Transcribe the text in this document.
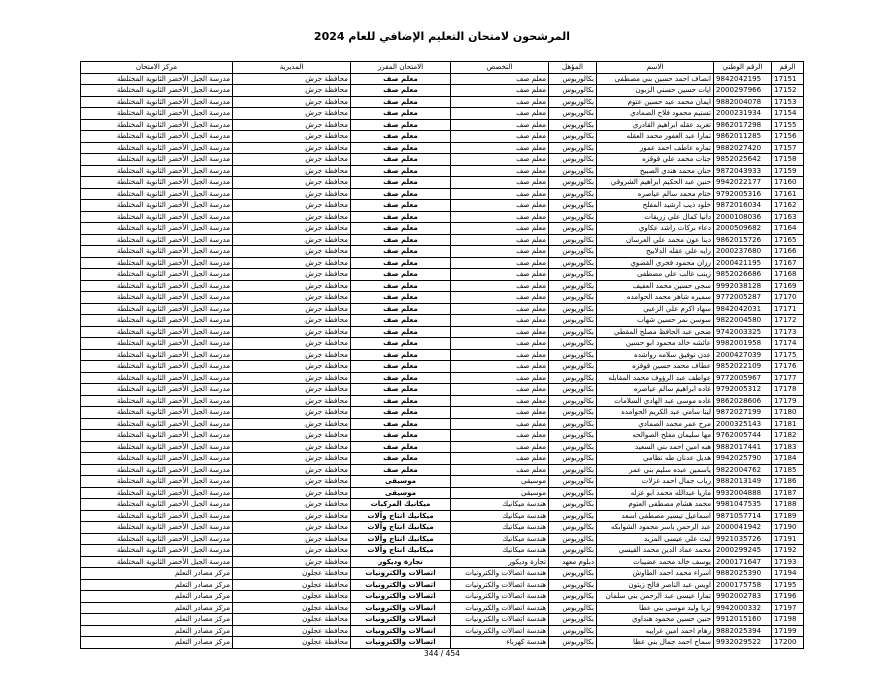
المرشحون لامتحان التعليم الإضافي للعام 2024
الرقم	الرقم الوطني	الاسم	المؤهل	التخصص	الامتحان المقرر	المديرية	مركز الامتحان
17151	9842042195	انصاف احمد حسين بني مصطفى	بكالوريوس	معلم صف	معلم صف	محافظة جرش	مدرسة الجبل الأخضر الثانوية المختلطة
17152	2000297966	ايات حسين حسني الزبون	بكالوريوس	معلم صف	معلم صف	محافظة جرش	مدرسة الجبل الأخضر الثانوية المختلطة
17153	9882004078	ايمان محمد عيد حسين عتوم	بكالوريوس	معلم صف	معلم صف	محافظة جرش	مدرسة الجبل الأخضر الثانوية المختلطة
17154	2000231934	تسنيم محمود فلاح الصمادي	بكالوريوس	معلم صف	معلم صف	محافظة جرش	مدرسة الجبل الأخضر الثانوية المختلطة
17155	9862017298	تغريد عقله ابراهيم القادري	بكالوريوس	معلم صف	معلم صف	محافظة جرش	مدرسة الجبل الأخضر الثانوية المختلطة
17156	9862011285	تمارا عبد الغفور محمد العقله	بكالوريوس	معلم صف	معلم صف	محافظة جرش	مدرسة الجبل الأخضر الثانوية المختلطة
17157	9882027420	تماره عاطف احمد عمور	بكالوريوس	معلم صف	معلم صف	محافظة جرش	مدرسة الجبل الأخضر الثانوية المختلطة
17158	9852025642	جنات محمد علي قوقزه	بكالوريوس	معلم صف	معلم صف	محافظة جرش	مدرسة الجبل الأخضر الثانوية المختلطة
17159	9872043933	حنان محمد هندي الصبيح	بكالوريوس	معلم صف	معلم صف	محافظة جرش	مدرسة الجبل الأخضر الثانوية المختلطة
17160	9942022177	حنين عبد الحكيم ابراهيم الشروقي	بكالوريوس	معلم صف	معلم صف	محافظة جرش	مدرسة الجبل الأخضر الثانوية المختلطة
17161	9792005316	ختام محمد سالم عياصره	بكالوريوس	معلم صف	معلم صف	محافظة جرش	مدرسة الجبل الأخضر الثانوية المختلطة
17162	9872016034	خلود ذيب ارشيد المفلح	بكالوريوس	معلم صف	معلم صف	محافظة جرش	مدرسة الجبل الأخضر الثانوية المختلطة
17163	2000108036	دانيا كمال علي زريقات	بكالوريوس	معلم صف	معلم صف	محافظة جرش	مدرسة الجبل الأخضر الثانوية المختلطة
17164	2000509682	دعاء بركات راشد عكاوي	بكالوريوس	معلم صف	معلم صف	محافظة جرش	مدرسة الجبل الأخضر الثانوية المختلطة
17165	9862015726	دينا عون محمد علي العرسان	بكالوريوس	معلم صف	معلم صف	محافظة جرش	مدرسة الجبل الأخضر الثانوية المختلطة
17166	2000237680	رايه علي عقله الدلابيح	بكالوريوس	معلم صف	معلم صف	محافظة جرش	مدرسة الجبل الأخضر الثانوية المختلطة
17167	2000421195	رزان محمود فخري القضوي	بكالوريوس	معلم صف	معلم صف	محافظة جرش	مدرسة الجبل الأخضر الثانوية المختلطة
17168	9852026686	زينب غالب علي مصطفى	بكالوريوس	معلم صف	معلم صف	محافظة جرش	مدرسة الجبل الأخضر الثانوية المختلطة
17169	9992038128	سجى حسين محمد العفيف	بكالوريوس	معلم صف	معلم صف	محافظة جرش	مدرسة الجبل الأخضر الثانوية المختلطة
17170	9772005287	سميره شاهر محمد الحوامده	بكالوريوس	معلم صف	معلم صف	محافظة جرش	مدرسة الجبل الأخضر الثانوية المختلطة
17171	9842042031	سهاد اكرم علي الزعبي	بكالوريوس	معلم صف	معلم صف	محافظة جرش	مدرسة الجبل الأخضر الثانوية المختلطة
17172	9822004580	سوسن نمر حسين شهاب	بكالوريوس	معلم صف	معلم صف	محافظة جرش	مدرسة الجبل الأخضر الثانوية المختلطة
17173	9742003325	ضحى عبد الحافظ مصلح المقطي	بكالوريوس	معلم صف	معلم صف	محافظة جرش	مدرسة الجبل الأخضر الثانوية المختلطة
17174	9982001958	عائشه خالد محمود ابو حسين	بكالوريوس	معلم صف	معلم صف	محافظة جرش	مدرسة الجبل الأخضر الثانوية المختلطة
17175	2000427039	عدن توفيق سلامه رواشده	بكالوريوس	معلم صف	معلم صف	محافظة جرش	مدرسة الجبل الأخضر الثانوية المختلطة
17176	9852022109	عطاف محمد حسين قوقزه	بكالوريوس	معلم صف	معلم صف	محافظة جرش	مدرسة الجبل الأخضر الثانوية المختلطة
17177	9772005967	عواطف عبد الرؤوف محمد المقابله	بكالوريوس	معلم صف	معلم صف	محافظة جرش	مدرسة الجبل الأخضر الثانوية المختلطة
17178	9792005312	غاده ابراهيم سالم عياصره	بكالوريوس	معلم صف	معلم صف	محافظة جرش	مدرسة الجبل الأخضر الثانوية المختلطة
17179	9862028606	غاده موسى عبد الهادي السلامات	بكالوريوس	معلم صف	معلم صف	محافظة جرش	مدرسة الجبل الأخضر الثانوية المختلطة
17180	9872027199	لينا سامي عبد الكريم الحوامده	بكالوريوس	معلم صف	معلم صف	محافظة جرش	مدرسة الجبل الأخضر الثانوية المختلطة
17181	2000325143	مرح عمر محمد الصمادي	بكالوريوس	معلم صف	معلم صف	محافظة جرش	مدرسة الجبل الأخضر الثانوية المختلطة
17182	9762005744	مها سليمان مفلح الصوالحه	بكالوريوس	معلم صف	معلم صف	محافظة جرش	مدرسة الجبل الأخضر الثانوية المختلطة
17183	9882017441	هبه امين احمد بني السعيد	بكالوريوس	معلم صف	معلم صف	محافظة جرش	مدرسة الجبل الأخضر الثانوية المختلطة
17184	9942025790	هديل عدنان طه نظامي	بكالوريوس	معلم صف	معلم صف	محافظة جرش	مدرسة الجبل الأخضر الثانوية المختلطة
17185	9822004762	ياسمين عبده سليم بني عمر	بكالوريوس	معلم صف	معلم صف	محافظة جرش	مدرسة الجبل الأخضر الثانوية المختلطة
17186	9882013149	رباب جمال احمد غزلات	بكالوريوس	موسيقى	موسيقى	محافظة جرش	مدرسة الجبل الأخضر الثانوية المختلطة
17187	9932004888	ماريا عبدالله محمد ابو غزله	بكالوريوس	موسيقى	موسيقى	محافظة جرش	مدرسة الجبل الأخضر الثانوية المختلطة
17188	9981047535	محمد هشام مصطفى العتوم	بكالوريوس	هندسة ميكانيك	ميكانيك المركبات	محافظة جرش	مدرسة الجبل الأخضر الثانوية المختلطة
17189	9871057714	اسماعيل تيسير مصطفى اسعد	بكالوريوس	هندسة ميكانيك	ميكانيك انتاج وآلات	محافظة جرش	مدرسة الجبل الأخضر الثانوية المختلطة
17190	2000041942	عبد الرحمن باسر محمود الشوابكه	بكالوريوس	هندسة ميكانيك	ميكانيك انتاج وآلات	محافظة جرش	مدرسة الجبل الأخضر الثانوية المختلطة
17191	9921035726	ليث علي عيسى المزيد	بكالوريوس	هندسة ميكانيك	ميكانيك انتاج وآلات	محافظة جرش	مدرسة الجبل الأخضر الثانوية المختلطة
17192	2000299245	محمد عماد الدين محمد القيسي	بكالوريوس	هندسة ميكانيك	ميكانيك انتاج وآلات	محافظة جرش	مدرسة الجبل الأخضر الثانوية المختلطة
17193	2000171647	يوسف خالد محمد عضيبات	دبلوم معهد	تجارة وديكور	نجارة وديكور	محافظة جرش	مدرسة الجبل الأخضر الثانوية المختلطة
17194	9882025390	اسراء محمد احمد الطاوش	بكالوريوس	هندسة اتصالات والكترونيات	اتصالات والكترونيات	محافظة عجلون	مركز مصادر التعلم
17195	2000175758	اويس عبد الناصر فالح زيتون	بكالوريوس	هندسة اتصالات والكترونيات	اتصالات والكترونيات	محافظة عجلون	مركز مصادر التعلم
17196	9902002783	تمارا عيسى عبد الرحمن بني سلمان	بكالوريوس	هندسة اتصالات والكترونيات	اتصالات والكترونيات	محافظة عجلون	مركز مصادر التعلم
17197	9942000332	ثريا وليد موسى بني عطا	بكالوريوس	هندسة اتصالات والكترونيات	اتصالات والكترونيات	محافظة عجلون	مركز مصادر التعلم
17198	9912015160	حنين حسين محمود هنداوي	بكالوريوس	هندسة اتصالات والكترونيات	اتصالات والكترونيات	محافظة عجلون	مركز مصادر التعلم
17199	9882025394	رهام احمد امين غرايبه	بكالوريوس	هندسة اتصالات والكترونيات	اتصالات والكترونيات	محافظة عجلون	مركز مصادر التعلم
17200	9932029522	سماح احمد جمال بني عطا	بكالوريوس	هندسة كهرباء	اتصالات والكترونيات	محافظة عجلون	مركز مصادر التعلم
344 / 454
